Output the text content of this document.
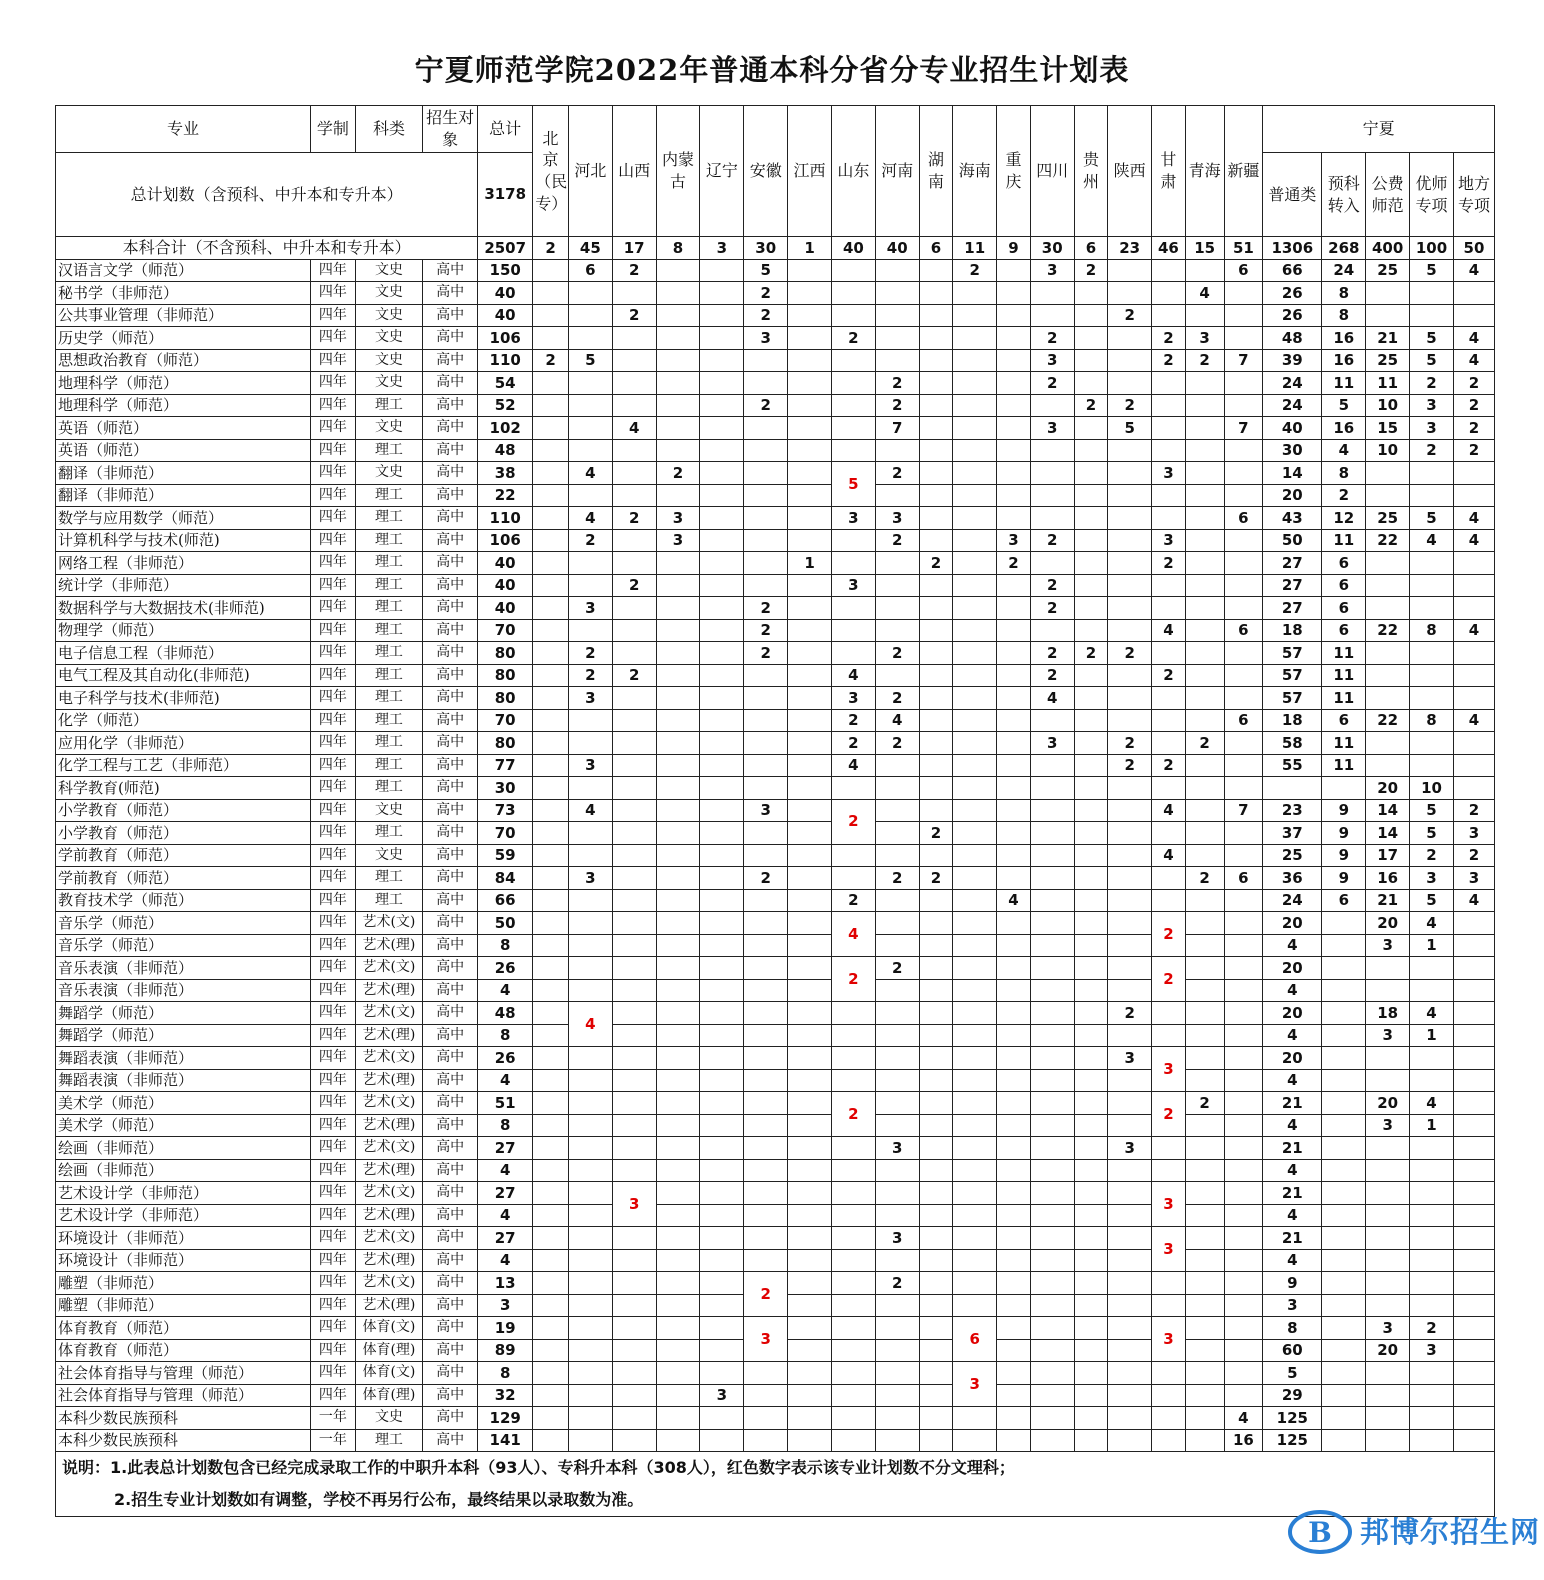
宁夏师范学院2022年普通本科分省分专业招生计划表
专业	学制	科类	招生对象	总计	北京（民专）	河北	山西	内蒙古	辽宁	安徽	江西	山东	河南	湖南	海南	重庆	四川	贵州	陕西	甘肃	青海	新疆	宁夏				
总计划数（含预科、中升本和专升本）				3178																			普通类	预科转入	公费师范	优师专项	地方专项
本科合计（不含预科、中升本和专升本）				2507	2	45	17	8	3	30	1	40	40	6	11	9	30	6	23	46	15	51	1306	268	400	100	50
汉语言文学（师范）	四年	文史	高中	150		6	2			5					2		3	2				6	66	24	25	5	4
秘书学（非师范）	四年	文史	高中	40						2											4		26	8			
公共事业管理（非师范）	四年	文史	高中	40			2			2									2				26	8			
历史学（师范）	四年	文史	高中	106						3		2					2			2	3		48	16	21	5	4
思想政治教育（师范）	四年	文史	高中	110	2	5											3			2	2	7	39	16	25	5	4
地理科学（师范）	四年	文史	高中	54									2				2						24	11	11	2	2
地理科学（师范）	四年	理工	高中	52						2			2					2	2				24	5	10	3	2
英语（师范）	四年	文史	高中	102			4						7				3		5			7	40	16	15	3	2
英语（师范）	四年	理工	高中	48																			30	4	10	2	2
翻译（非师范）	四年	文史	高中	38		4		2				5	2							3			14	8			
翻译（非师范）	四年	理工	高中	22																			20	2			
数学与应用数学（师范）	四年	理工	高中	110		4	2	3				3	3									6	43	12	25	5	4
计算机科学与技术(师范)	四年	理工	高中	106		2		3					2			3	2			3			50	11	22	4	4
网络工程（非师范）	四年	理工	高中	40							1			2		2				2			27	6			
统计学（非师范）	四年	理工	高中	40			2					3					2						27	6			
数据科学与大数据技术(非师范)	四年	理工	高中	40		3				2							2						27	6			
物理学（师范）	四年	理工	高中	70						2										4		6	18	6	22	8	4
电子信息工程（非师范）	四年	理工	高中	80		2				2			2				2	2	2				57	11			
电气工程及其自动化(非师范)	四年	理工	高中	80		2	2					4					2			2			57	11			
电子科学与技术(非师范)	四年	理工	高中	80		3						3	2				4						57	11			
化学（师范）	四年	理工	高中	70								2	4									6	18	6	22	8	4
应用化学（非师范）	四年	理工	高中	80								2	2				3		2		2		58	11			
化学工程与工艺（非师范）	四年	理工	高中	77		3						4							2	2			55	11			
科学教育(师范)	四年	理工	高中	30																					20	10	
小学教育（师范）	四年	文史	高中	73		4				3		2								4		7	23	9	14	5	2
小学教育（师范）	四年	理工	高中	70										2									37	9	14	5	3
学前教育（师范）	四年	文史	高中	59																4			25	9	17	2	2
学前教育（师范）	四年	理工	高中	84		3				2			2	2							2	6	36	9	16	3	3
教育技术学（师范）	四年	理工	高中	66								2				4							24	6	21	5	4
音乐学（师范）	四年	艺术(文)	高中	50								4								2			20		20	4	
音乐学（师范）	四年	艺术(理)	高中	8																			4		3	1	
音乐表演（非师范）	四年	艺术(文)	高中	26								2	2							2			20				
音乐表演（非师范）	四年	艺术(理)	高中	4																			4				
舞蹈学（师范）	四年	艺术(文)	高中	48		4													2				20		18	4	
舞蹈学（师范）	四年	艺术(理)	高中	8																			4		3	1	
舞蹈表演（非师范）	四年	艺术(文)	高中	26															3	3			20				
舞蹈表演（非师范）	四年	艺术(理)	高中	4																			4				
美术学（师范）	四年	艺术(文)	高中	51								2								2	2		21		20	4	
美术学（师范）	四年	艺术(理)	高中	8																			4		3	1	
绘画（非师范）	四年	艺术(文)	高中	27									3						3				21				
绘画（非师范）	四年	艺术(理)	高中	4																			4				
艺术设计学（非师范）	四年	艺术(文)	高中	27			3													3			21				
艺术设计学（非师范）	四年	艺术(理)	高中	4																			4				
环境设计（非师范）	四年	艺术(文)	高中	27									3							3			21				
环境设计（非师范）	四年	艺术(理)	高中	4																			4				
雕塑（非师范）	四年	艺术(文)	高中	13						2			2										9				
雕塑（非师范）	四年	艺术(理)	高中	3																			3				
体育教育（师范）	四年	体育(文)	高中	19						3					6					3			8		3	2	
体育教育（师范）	四年	体育(理)	高中	89																			60		20	3	
社会体育指导与管理（师范）	四年	体育(文)	高中	8											3								5				
社会体育指导与管理（师范）	四年	体育(理)	高中	32					3														29				
本科少数民族预科	一年	文史	高中	129																		4	125				
本科少数民族预科	一年	理工	高中	141																		16	125				
说明：1.此表总计划数包含已经完成录取工作的中职升本科（93人）、专科升本科（308人），红色数字表示该专业计划数不分文理科；																											
2.招生专业计划数如有调整，学校不再另行公布，最终结果以录取数为准。																											
B 邦博尔招生网
